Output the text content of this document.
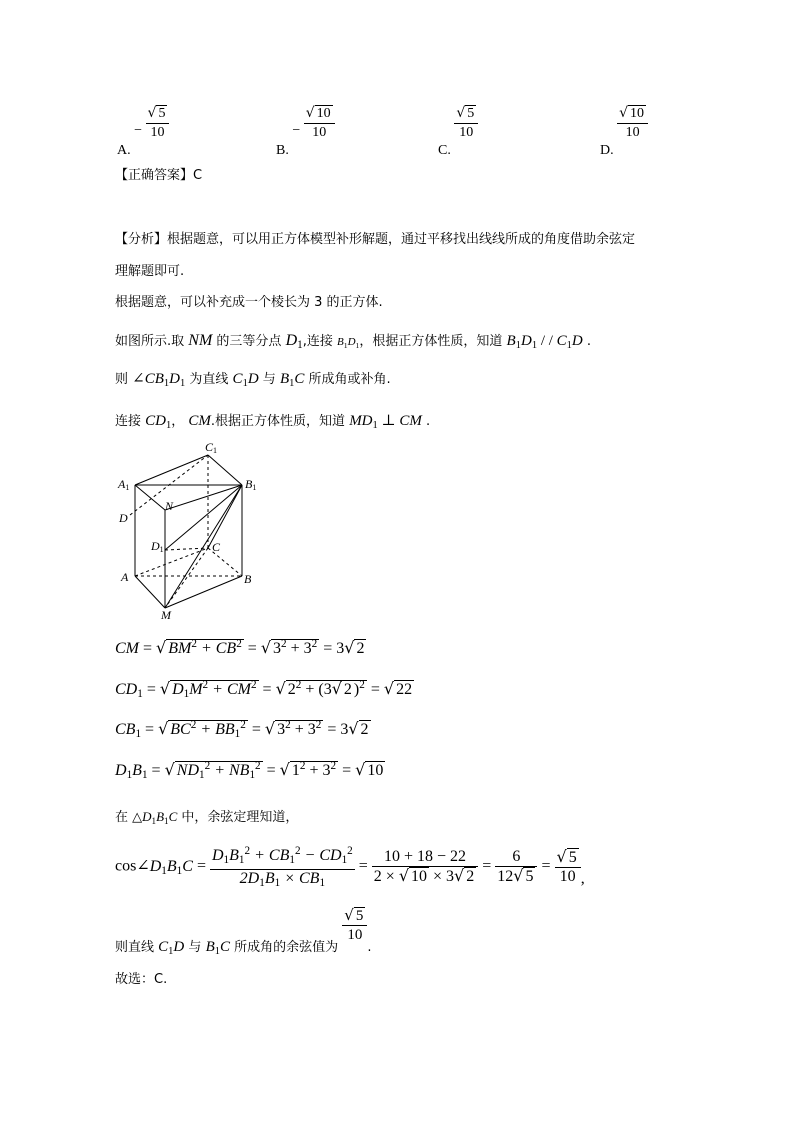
A. − $\frac{√ 5}{10}$
B. − $\frac{√ 10}{10}$
C.
$\frac{√ 5}{10}$
D.
$\frac{√ 10}{10}$
【正确答案】C
【分析】根据题意，可以用正方体模型补形解题，通过平移找出线线所成的角度借助余弦定
理解题即可.
根据题意，可以补充成一个棱长为 3 的正方体.
如图所示.取 NM 的三等分点 $D_1$,连接 $B_1D_1$，根据正方体性质，知道 $B_1D_1$ / / $C_1D$ .
则 $\angle CB_1D_1$ 为直线 $C_1D$ 与 $B_1C$ 所成角或补角.
连接 $CD_1$， CM.根据正方体性质，知道 $MD_1$ ⊥ CM .
C1
A1	B1
N
D
D1	C
A	B
M
CM = √ $BM^2 + CB^2$ = √ $3^2 + 3^2 = 3√$ 2
$CD_1$ = √ $D_1M^2 + CM^2$ = √ $2^2 + (3√$ 2 )$^2$ = √ 22
$CB_1$ = √ $BC^2 + BB_1^2$ = √ $3^2 + 3^2 = 3√$ 2
$D_1B_1$ = √ $ND_1^2 + NB_1^2$ = √ $1^2 + 3^2$ = √ 10
在 $\triangle D_1B_1C$ 中，余弦定理知道，
$\cos\angle D_1B_1C = \frac{D_1B_1^2 + CB_1^2 - CD_1^2}{2D_1B_1 \times CB_1} = \frac{10 + 18 - 22}{2 \times √ 10 \times 3√ 2} = \frac{6}{12√ 5} = \frac{√ 5}{10}$ ,
则直线 $C_1D$ 与 $B_1C$ 所成角的余弦值为
$\frac{√ 5}{10}$
.
故选：C.
